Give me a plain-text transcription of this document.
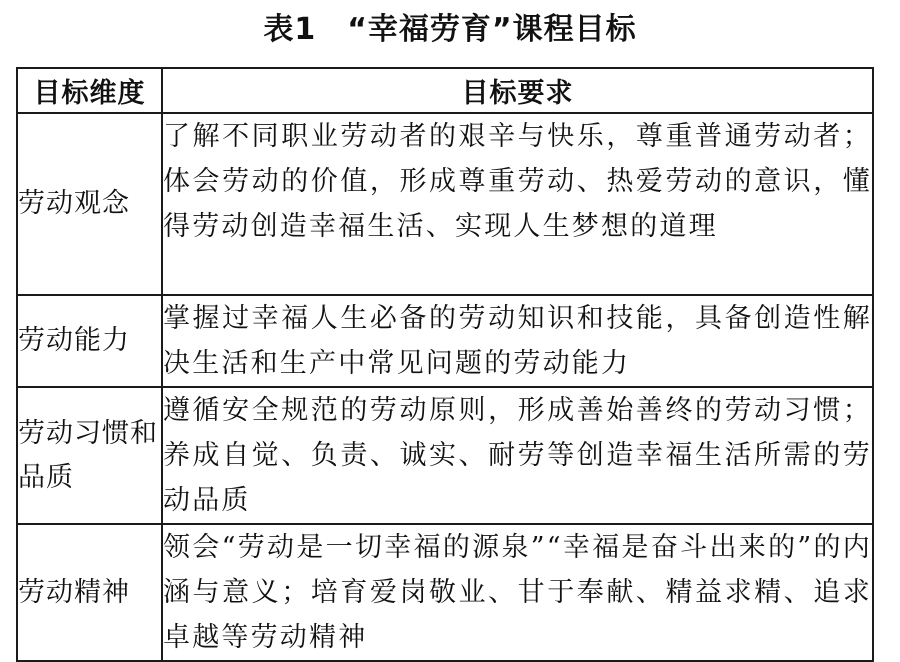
表1　“幸福劳育”课程目标
目标维度	目标要求
劳动观念	了解不同职业劳动者的艰辛与快乐，尊重普通劳动者；体会劳动的价值，形成尊重劳动、热爱劳动的意识，懂得劳动创造幸福生活、实现人生梦想的道理
劳动能力	掌握过幸福人生必备的劳动知识和技能，具备创造性解决生活和生产中常见问题的劳动能力
劳动习惯和品质	遵循安全规范的劳动原则，形成善始善终的劳动习惯；养成自觉、负责、诚实、耐劳等创造幸福生活所需的劳动品质
劳动精神	领会“劳动是一切幸福的源泉”“幸福是奋斗出来的”的内涵与意义；培育爱岗敬业、甘于奉献、精益求精、追求卓越等劳动精神
